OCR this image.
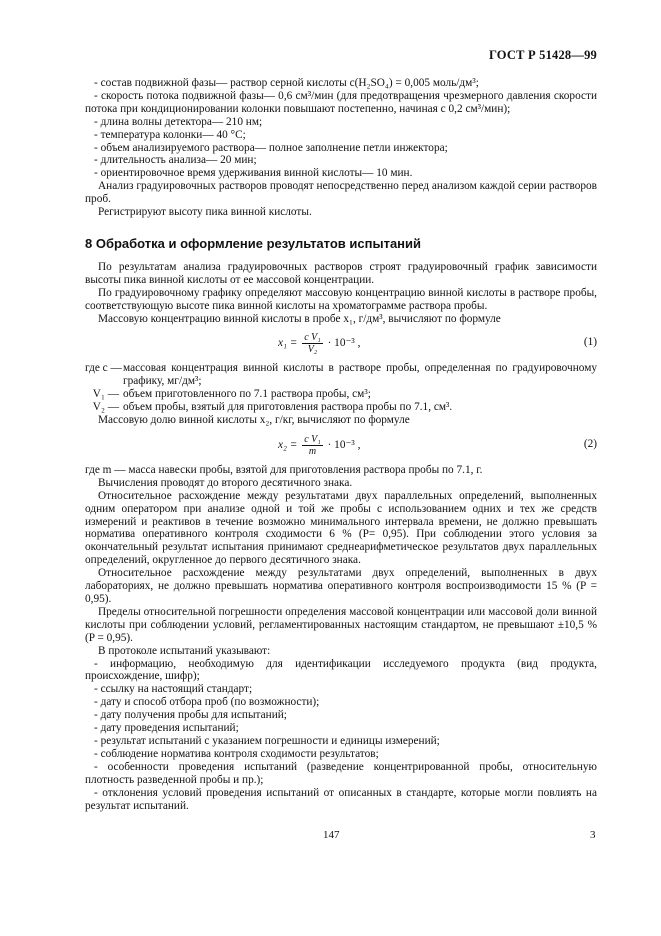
ГОСТ Р 51428—99

- состав подвижной фазы— раствор серной кислоты c(H₂SO₄) = 0,005 моль/дм³;

- скорость потока подвижной фазы— 0,6 см³/мин (для предотвращения чрезмерного давления скорости потока при кондиционировании колонки повышают постепенно, начиная с 0,2 см³/мин);

- длина волны детектора— 210 нм;

- температура колонки— 40 °С;

- объем анализируемого раствора— полное заполнение петли инжектора;

- длительность анализа— 20 мин;

- ориентировочное время удерживания винной кислоты— 10 мин.

Анализ градуировочных растворов проводят непосредственно перед анализом каждой серии растворов проб.

Регистрируют высоту пика винной кислоты.

8 Обработка и оформление результатов испытаний

По результатам анализа градуировочных растворов строят градуировочный график зависимости высоты пика винной кислоты от ее массовой концентрации.

По градуировочному графику определяют массовую концентрацию винной кислоты в растворе пробы, соответствующую высоте пика винной кислоты на хроматограмме раствора пробы.

Массовую концентрацию винной кислоты в пробе x₁, г/дм³, вычисляют по формуле

$x_1 = \frac{\text{c V₁}}{\text{V₂}} \cdot 10^{-3}$ ,	(1)
где c — массовая концентрация винной кислоты в растворе пробы, определенная по градуировочному графику, мг/дм³;
V₁ — объем приготовленного по 7.1 раствора пробы, см³;
V₂ — объем пробы, взятый для приготовления раствора пробы по 7.1, см³.

Массовую долю винной кислоты x₂, г/кг, вычисляют по формуле

$x_2 = \frac{\text{c V₁}}{m} \cdot 10^{-3}$ ,	(2)

где m — масса навески пробы, взятой для приготовления раствора пробы по 7.1, г.

Вычисления проводят до второго десятичного знака.

Относительное расхождение между результатами двух параллельных определений, выполненных одним оператором при анализе одной и той же пробы с использованием одних и тех же средств измерений и реактивов в течение возможно минимального интервала времени, не должно превышать норматива оперативного контроля сходимости 6 % (P= 0,95). При соблюдении этого условия за окончательный результат испытания принимают среднеарифметическое результатов двух параллельных определений, округленное до первого десятичного знака.

Относительное расхождение между результатами двух определений, выполненных в двух лабораториях, не должно превышать норматива оперативного контроля воспроизводимости 15 % (P = 0,95).

Пределы относительной погрешности определения массовой концентрации или массовой доли винной кислоты при соблюдении условий, регламентированных настоящим стандартом, не превышают ±10,5 % (P = 0,95).

В протоколе испытаний указывают:

- информацию, необходимую для идентификации исследуемого продукта (вид продукта, происхождение, шифр);

- ссылку на настоящий стандарт;

- дату и способ отбора проб (по возможности);

- дату получения пробы для испытаний;

- дату проведения испытаний;

- результат испытаний с указанием погрешности и единицы измерений;

- соблюдение норматива контроля сходимости результатов;

- особенности проведения испытаний (разведение концентрированной пробы, относительную плотность разведенной пробы и пр.);

- отклонения условий проведения испытаний от описанных в стандарте, которые могли повлиять на результат испытаний.

147	3
